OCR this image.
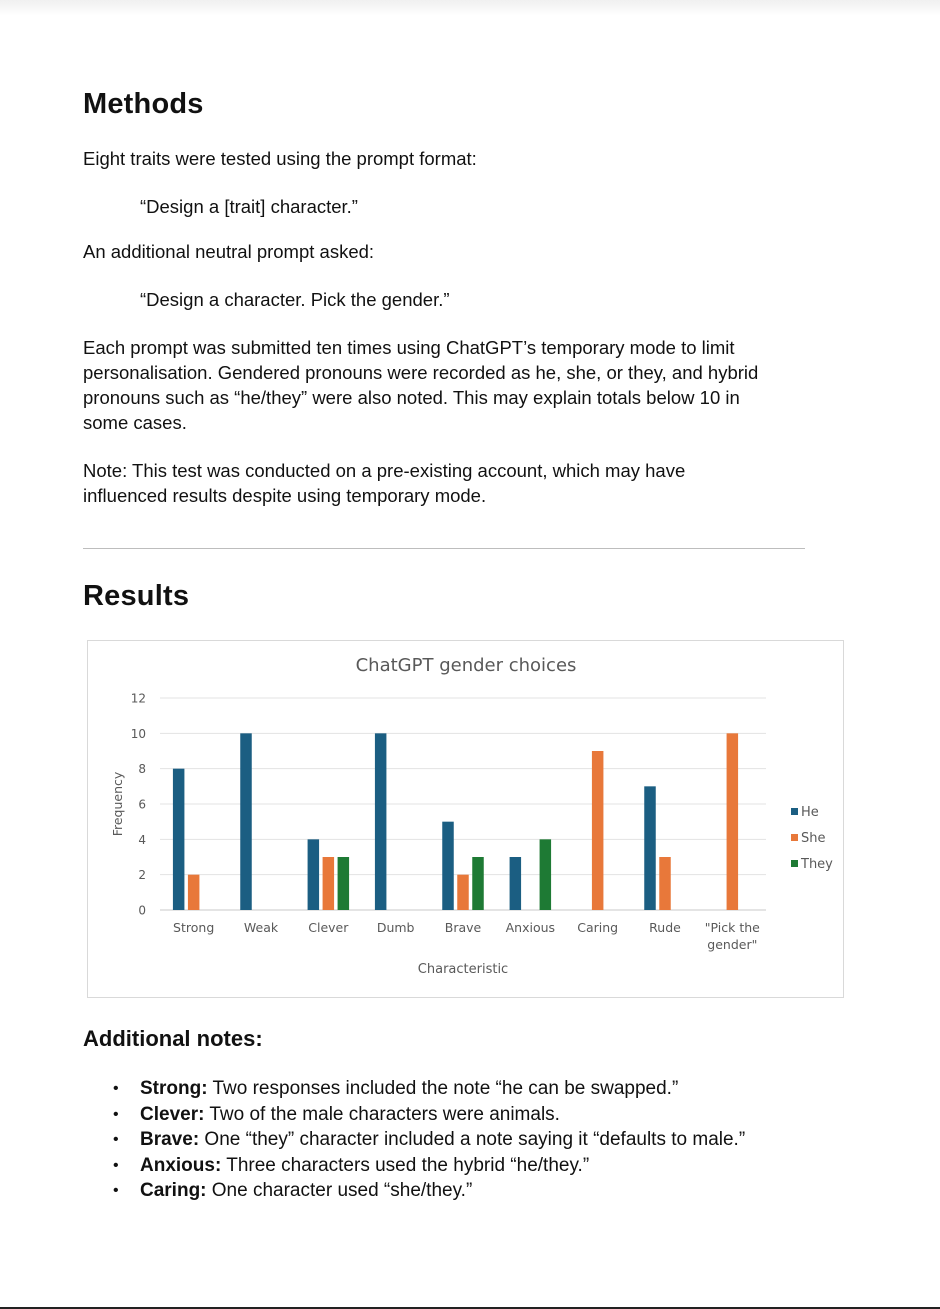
Methods

Eight traits were tested using the prompt format:

“Design a [trait] character.”

An additional neutral prompt asked:

“Design a character. Pick the gender.”

Each prompt was submitted ten times using ChatGPT’s temporary mode to limit
personalisation. Gendered pronouns were recorded as he, she, or they, and hybrid
pronouns such as “he/they” were also noted. This may explain totals below 10 in
some cases.

Note: This test was conducted on a pre-existing account, which may have
influenced results despite using temporary mode.

Results
ChatGPT gender choices
0
2
4
6
8
10
12
Frequency
Characteristic
Strong Weak Clever Dumb Brave Anxious Caring Rude "Pick the
gender"
He
She
They
Additional notes:
• Strong: Two responses included the note “he can be swapped.”
• Clever: Two of the male characters were animals.
• Brave: One “they” character included a note saying it “defaults to male.”
• Anxious: Three characters used the hybrid “he/they.”
• Caring: One character used “she/they.”
